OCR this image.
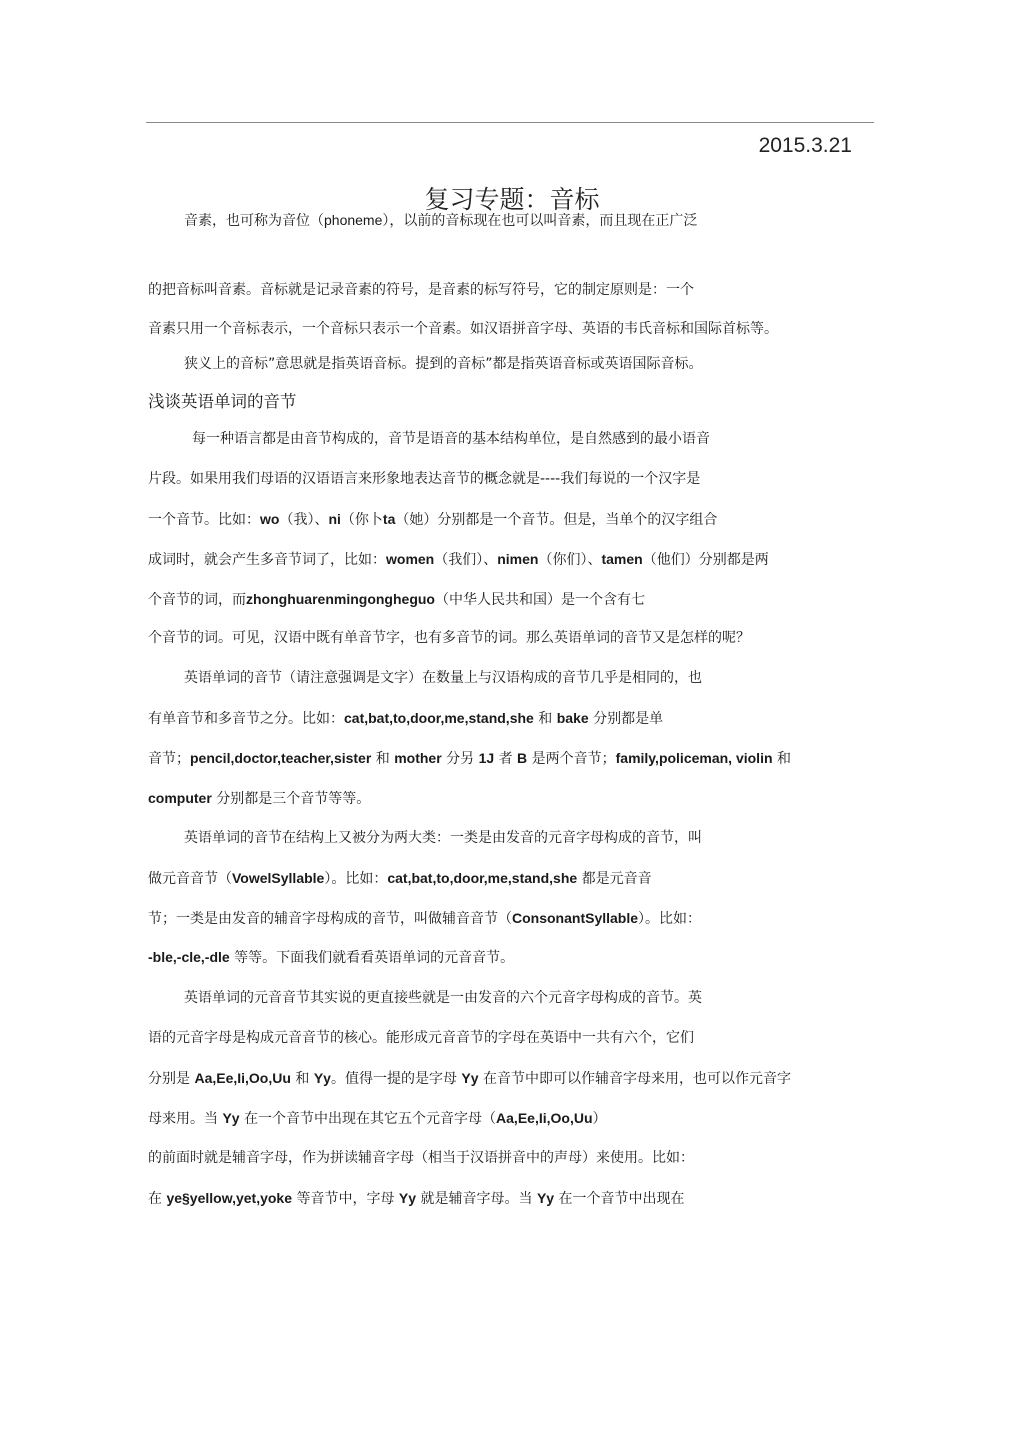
2015.3.21
复习专题：音标
音素，也可称为音位（phoneme），以前的音标现在也可以叫音素，而且现在正广泛
的把音标叫音素。音标就是记录音素的符号，是音素的标写符号，它的制定原则是：一个
音素只用一个音标表示，一个音标只表示一个音素。如汉语拼音字母、英语的韦氏音标和国际首标等。
狭义上的音标”意思就是指英语音标。提到的音标”都是指英语音标或英语国际音标。
浅谈英语单词的音节
每一种语言都是由音节构成的，音节是语音的基本结构单位，是自然感到的最小语音
片段。如果用我们母语的汉语语言来形象地表达音节的概念就是----我们每说的一个汉字是
一个音节。比如：wo（我）、ni（你卜ta（她）分别都是一个音节。但是，当单个的汉字组合
成词时，就会产生多音节词了，比如：women（我们）、nimen（你们）、tamen（他们）分别都是两
个音节的词，而zhonghuarenmingongheguo（中华人民共和国）是一个含有七
个音节的词。可见，汉语中既有单音节字，也有多音节的词。那么英语单词的音节又是怎样的呢？
英语单词的音节（请注意强调是文字）在数量上与汉语构成的音节几乎是相同的，也
有单音节和多音节之分。比如：cat,bat,to,door,me,stand,she 和 bake 分别都是单
音节；pencil,doctor,teacher,sister 和 mother 分另 1J 者 B 是两个音节；family,policeman, violin 和
computer 分别都是三个音节等等。
英语单词的音节在结构上又被分为两大类：一类是由发音的元音字母构成的音节，叫
做元音音节（VowelSyllable）。比如：cat,bat,to,door,me,stand,she 都是元音音
节；一类是由发音的辅音字母构成的音节，叫做辅音音节（ConsonantSyllable）。比如：
-ble,-cle,-dle 等等。下面我们就看看英语单词的元音音节。
英语单词的元音音节其实说的更直接些就是一由发音的六个元音字母构成的音节。英
语的元音字母是构成元音音节的核心。能形成元音音节的字母在英语中一共有六个，它们
分别是 Aa,Ee,Ii,Oo,Uu 和 Yy。值得一提的是字母 Yy 在音节中即可以作辅音字母来用，也可以作元音字
母来用。当 Yy 在一个音节中出现在其它五个元音字母（Aa,Ee,Ii,Oo,Uu）
的前面时就是辅音字母，作为拼读辅音字母（相当于汉语拼音中的声母）来使用。比如：
在 ye§yellow,yet,yoke 等音节中，字母 Yy 就是辅音字母。当 Yy 在一个音节中出现在
